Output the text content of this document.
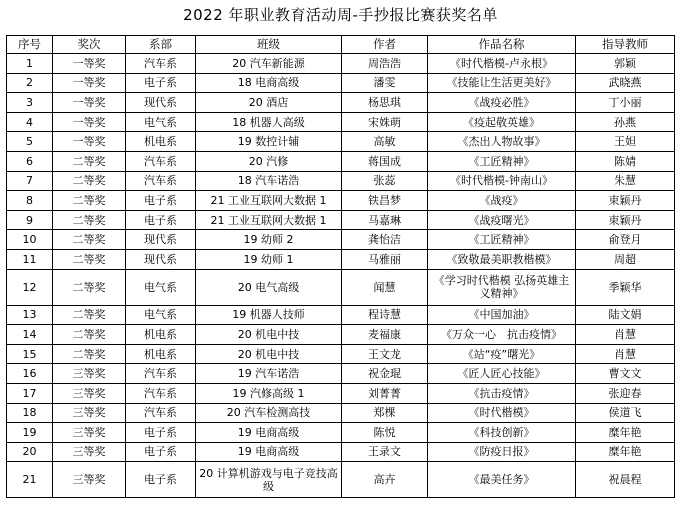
2022 年职业教育活动周-手抄报比赛获奖名单
序号	奖次	系部	班级	作者	作品名称	指导教师
1	一等奖	汽车系	20 汽车新能源	周浩浩	《时代楷模-卢永根》	郭颖
2	一等奖	电子系	18 电商高级	潘雯	《技能让生活更美好》	武晓燕
3	一等奖	现代系	20 酒店	杨思琪	《战疫必胜》	丁小丽
4	一等奖	电气系	18 机器人高级	宋姝萌	《疫起敬英雄》	孙燕
5	一等奖	机电系	19 数控计辅	高敏	《杰出人物故事》	王妲
6	二等奖	汽车系	20 汽修	蒋国成	《工匠精神》	陈婧
7	二等奖	汽车系	18 汽车诺浩	张蕊	《时代楷模-钟南山》	朱慧
8	二等奖	电子系	21 工业互联网大数据 1	铁昌梦	《战疫》	束颖丹
9	二等奖	电子系	21 工业互联网大数据 1	马嘉琳	《战疫曙光》	束颖丹
10	二等奖	现代系	19 幼师 2	龚怡洁	《工匠精神》	俞登月
11	二等奖	现代系	19 幼师 1	马雅丽	《致敬最美职教楷模》	周超
12	二等奖	电气系	20 电气高级	闻慧	《学习时代楷模 弘扬英雄主义精神》	季颖华
13	二等奖	电气系	19 机器人技师	程诗慧	《中国加油》	陆文娟
14	二等奖	机电系	20 机电中技	麦福康	《万众一心　抗击疫情》	肖慧
15	二等奖	机电系	20 机电中技	王文龙	《站“疫”曙光》	肖慧
16	三等奖	汽车系	19 汽车诺浩	祝金琨	《匠人匠心技能》	曹文文
17	三等奖	汽车系	19 汽修高级 1	刘菁菁	《抗击疫情》	张迎春
18	三等奖	汽车系	20 汽车检测高技	郑棵	《时代楷模》	侯道飞
19	三等奖	电子系	19 电商高级	陈悦	《科技创新》	糜年艳
20	三等奖	电子系	19 电商高级	王录文	《防疫日报》	糜年艳
21	三等奖	电子系	20 计算机游戏与电子竞技高级	高卉	《最美任务》	祝晨程
